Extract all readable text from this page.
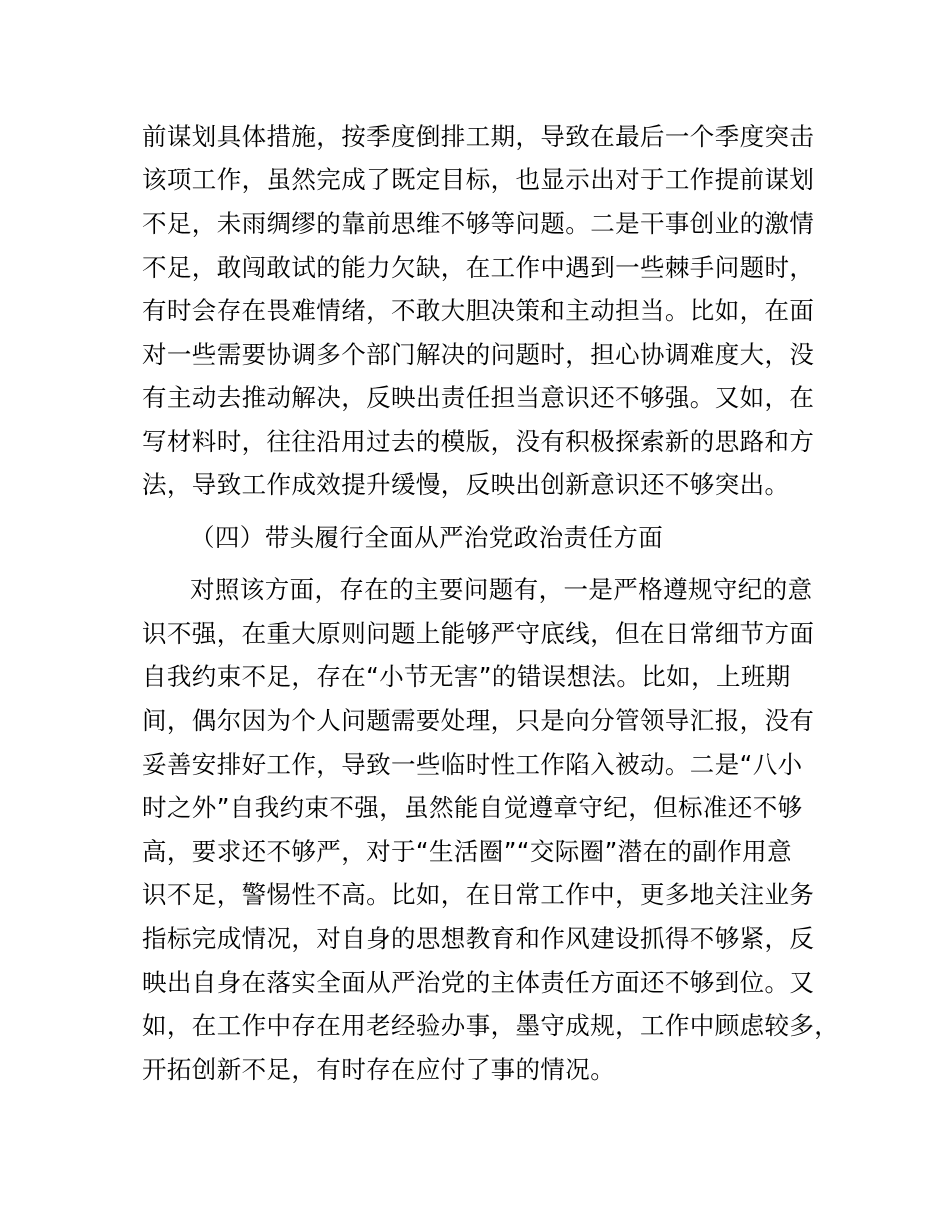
前谋划具体措施，按季度倒排工期，导致在最后一个季度突击
该项工作，虽然完成了既定目标，也显示出对于工作提前谋划
不足，未雨绸缪的靠前思维不够等问题。二是干事创业的激情
不足，敢闯敢试的能力欠缺，在工作中遇到一些棘手问题时，
有时会存在畏难情绪，不敢大胆决策和主动担当。比如，在面
对一些需要协调多个部门解决的问题时，担心协调难度大，没
有主动去推动解决，反映出责任担当意识还不够强。又如，在
写材料时，往往沿用过去的模版，没有积极探索新的思路和方
法，导致工作成效提升缓慢，反映出创新意识还不够突出。
（四）带头履行全面从严治党政治责任方面
对照该方面，存在的主要问题有，一是严格遵规守纪的意
识不强，在重大原则问题上能够严守底线，但在日常细节方面
自我约束不足，存在“小节无害”的错误想法。比如，上班期
间，偶尔因为个人问题需要处理，只是向分管领导汇报，没有
妥善安排好工作，导致一些临时性工作陷入被动。二是“八小
时之外”自我约束不强，虽然能自觉遵章守纪，但标准还不够
高，要求还不够严，对于“生活圈”“交际圈”潜在的副作用意
识不足，警惕性不高。比如，在日常工作中，更多地关注业务
指标完成情况，对自身的思想教育和作风建设抓得不够紧，反
映出自身在落实全面从严治党的主体责任方面还不够到位。又
如，在工作中存在用老经验办事，墨守成规，工作中顾虑较多，
开拓创新不足，有时存在应付了事的情况。
